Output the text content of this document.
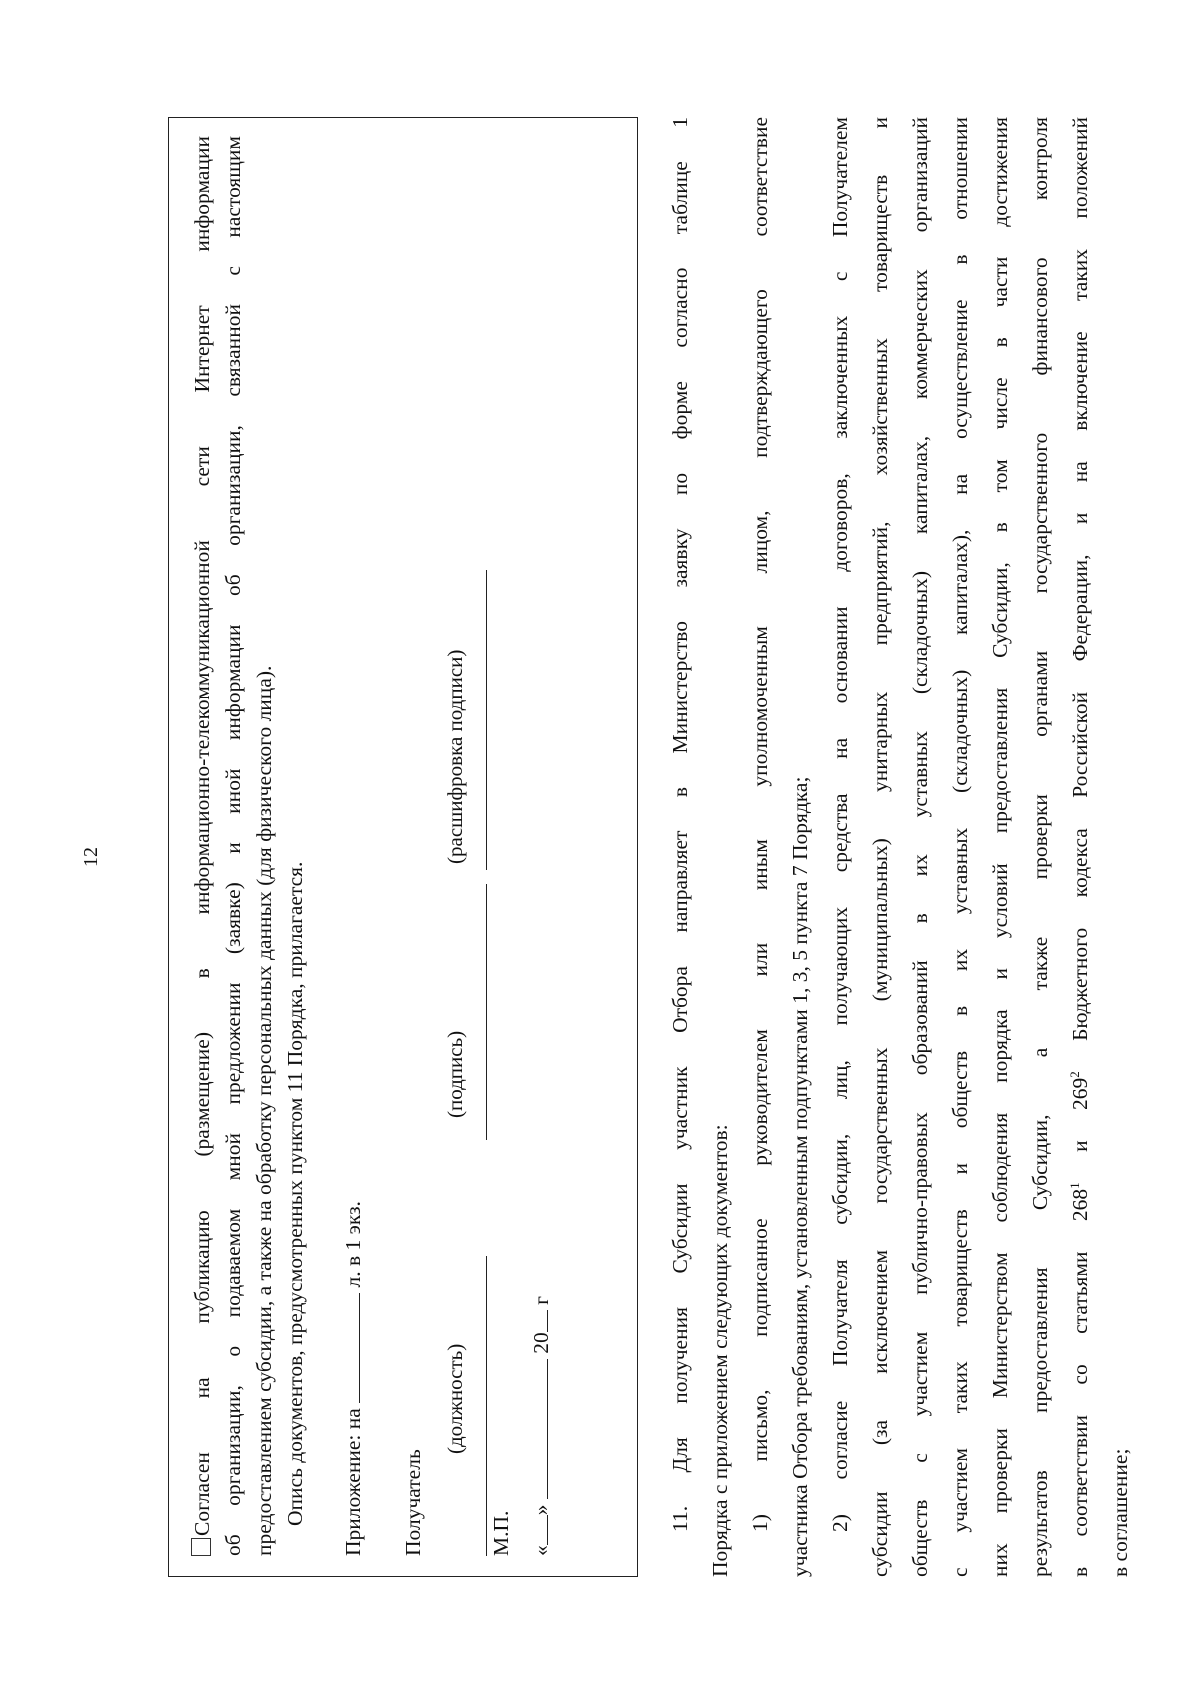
12	Согласен на публикацию (размещение) в информационно-телекоммуникационной сети Интернет информации об организации, о подаваемом мной предложении (заявке) и иной информации об организации, связанной с настоящим предоставлением субсидии, а также на обработку персональных данных (для физического лица). Опись документов, предусмотренных пунктом 11 Порядка, прилагается. Приложение: на  л. в 1 экз.
Получатель
(должность)
(подпись)
(расшифровка подписи)
М.П. «»  20 г	11. Для получения Субсидии участник Отбора направляет в Министерство заявку по форме согласно таблице 1 Порядка с приложением следующих документов: 1) письмо, подписанное руководителем или иным уполномоченным лицом, подтверждающего соответствие участника Отбора требованиям, установленным подпунктами 1, 3, 5 пункта 7 Порядка; 2) согласие Получателя субсидии, лиц, получающих средства на основании договоров, заключенных с Получателем субсидии (за исключением государственных (муниципальных) унитарных предприятий, хозяйственных товариществ и обществ с участием публично-правовых образований в их уставных (складочных) капиталах, коммерческих организаций с участием таких товариществ и обществ в их уставных (складочных) капиталах), на осуществление в отношении них проверки Министерством соблюдения порядка и условий предоставления Субсидии, в том числе в части достижения результатов предоставления Субсидии, а также проверки органами государственного финансового контроля в соответствии со статьями $268^1$ и $269^2$ Бюджетного кодекса Российской Федерации, и на включение таких положений
в соглашение;
